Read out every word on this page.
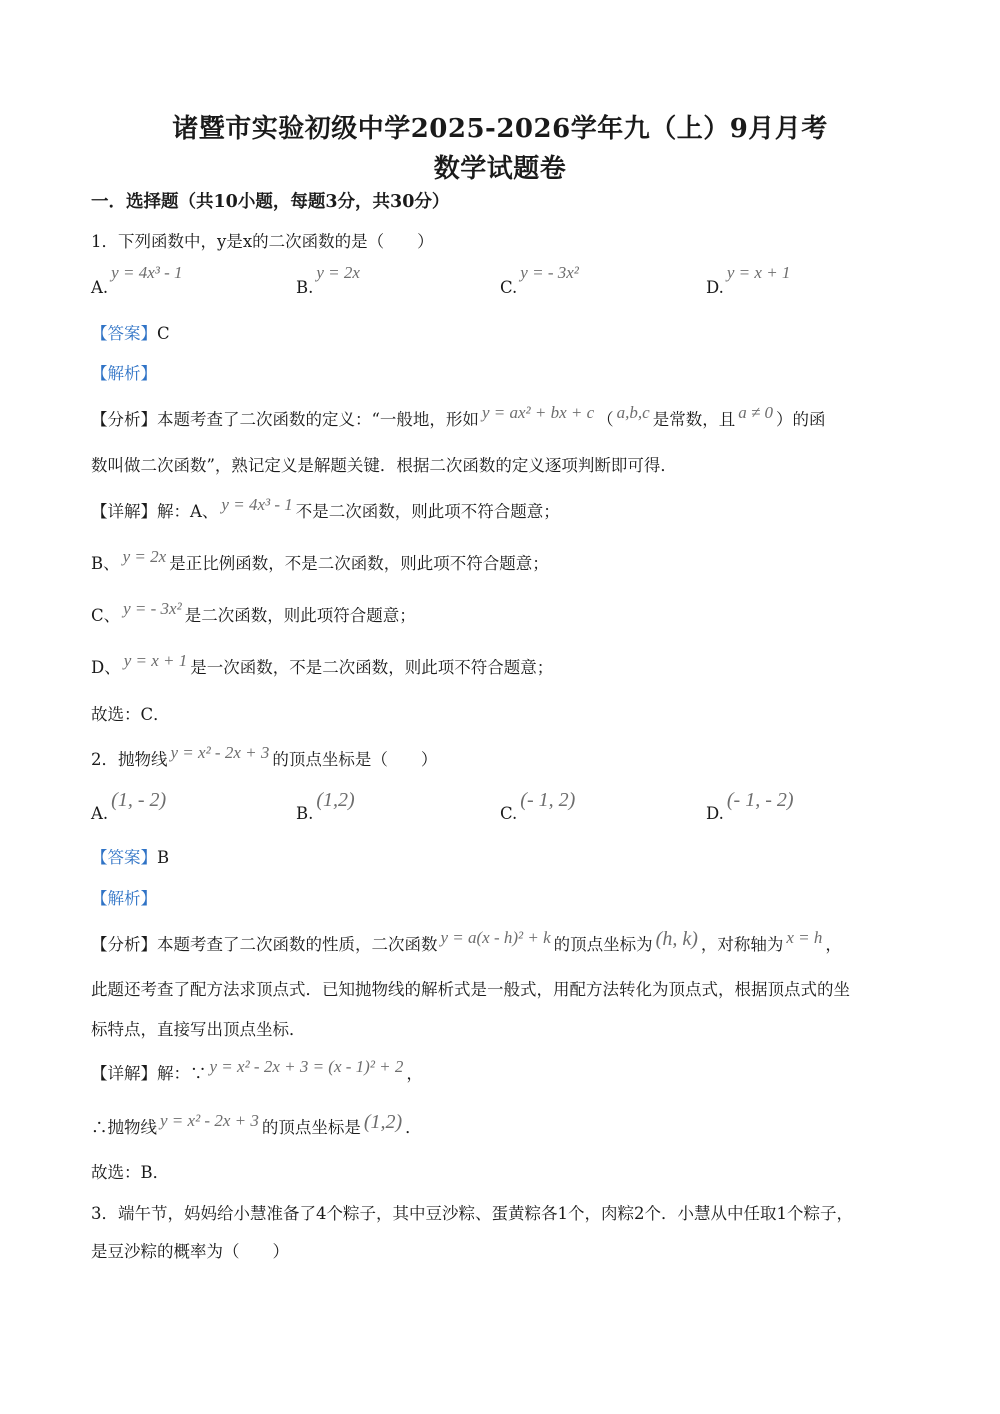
诸暨市实验初级中学2025-2026学年九（上）9月月考
数学试题卷
一．选择题（共10小题，每题3分，共30分）
1．下列函数中，y是x的二次函数的是（　　）
A.y = 4x³ - 1
B.y = 2x
C.y = - 3x²
D.y = x + 1
【答案】C
【解析】
【分析】本题考查了二次函数的定义：“一般地，形如 y = ax² + bx + c （ a,b,c 是常数，且 a ≠ 0 ）的函
数叫做二次函数”，熟记定义是解题关键．根据二次函数的定义逐项判断即可得．
【详解】解：A、 y = 4x³ - 1 不是二次函数，则此项不符合题意；
B、 y = 2x 是正比例函数，不是二次函数，则此项不符合题意；
C、 y = - 3x² 是二次函数，则此项符合题意；
D、 y = x + 1 是一次函数，不是二次函数，则此项不符合题意；
故选：C．
2．抛物线 y = x² - 2x + 3 的顶点坐标是（　　）
A.(1, - 2)
B.(1,2)
C.(- 1, 2)
D.(- 1, - 2)
【答案】B
【解析】
【分析】本题考查了二次函数的性质，二次函数 y = a(x - h)² + k 的顶点坐标为 (h, k) ，对称轴为 x = h ，
此题还考查了配方法求顶点式．已知抛物线的解析式是一般式，用配方法转化为顶点式，根据顶点式的坐
标特点，直接写出顶点坐标．
【详解】解：∵ y = x² - 2x + 3 = (x - 1)² + 2 ，
∴抛物线 y = x² - 2x + 3 的顶点坐标是 (1,2) ．
故选：B．
3．端午节，妈妈给小慧准备了4个粽子，其中豆沙粽、蛋黄粽各1个，肉粽2个．小慧从中任取1个粽子，
是豆沙粽的概率为（　　）
